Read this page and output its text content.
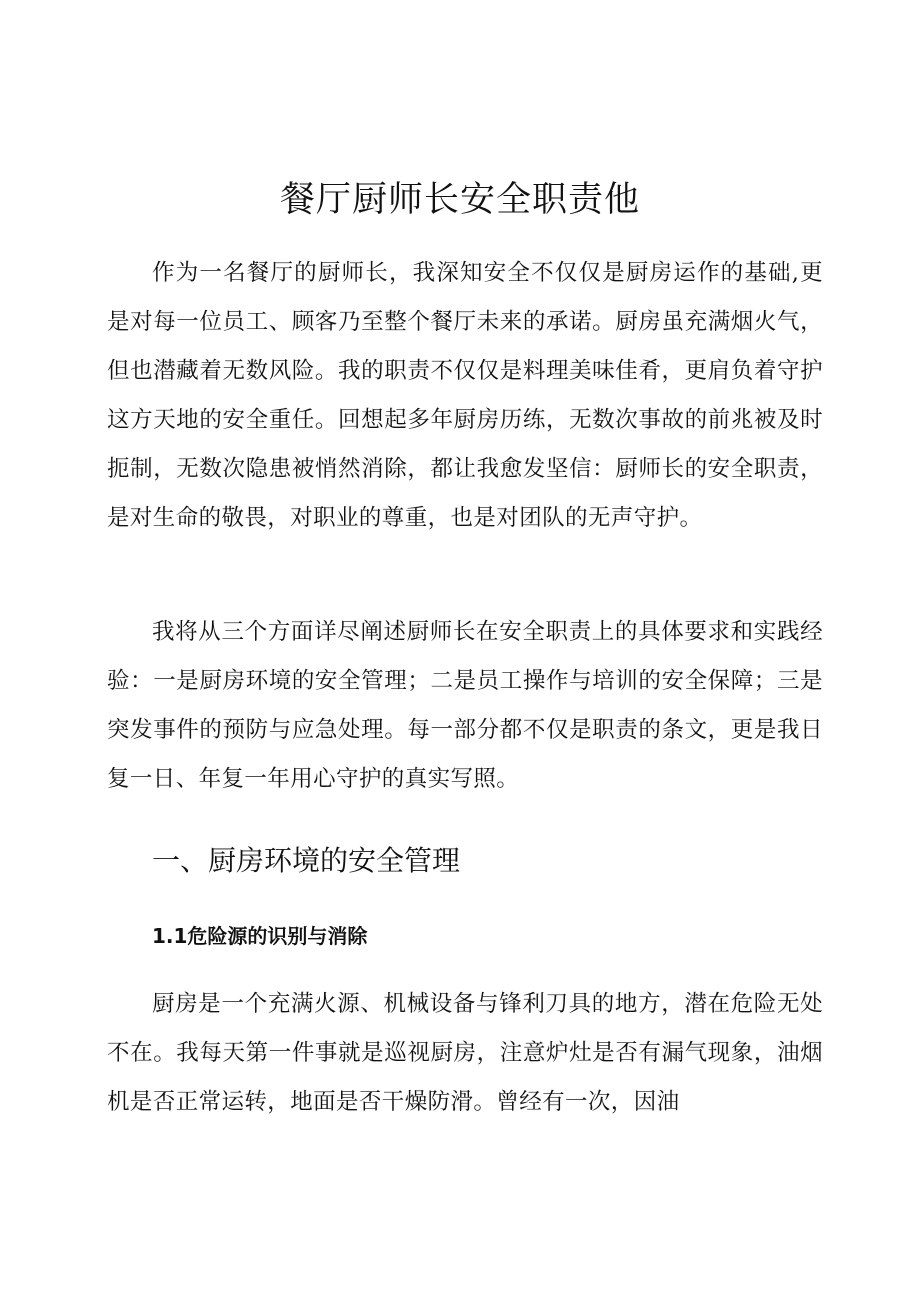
餐厅厨师长安全职责他

作为一名餐厅的厨师长，我深知安全不仅仅是厨房运作的基础,更是对每一位员工、顾客乃至整个餐厅未来的承诺。厨房虽充满烟火气，但也潜藏着无数风险。我的职责不仅仅是料理美味佳肴，更肩负着守护这方天地的安全重任。回想起多年厨房历练，无数次事故的前兆被及时扼制，无数次隐患被悄然消除，都让我愈发坚信：厨师长的安全职责，是对生命的敬畏，对职业的尊重，也是对团队的无声守护。

我将从三个方面详尽阐述厨师长在安全职责上的具体要求和实践经验：一是厨房环境的安全管理；二是员工操作与培训的安全保障；三是突发事件的预防与应急处理。每一部分都不仅是职责的条文，更是我日复一日、年复一年用心守护的真实写照。

一、厨房环境的安全管理
1.1危险源的识别与消除

厨房是一个充满火源、机械设备与锋利刀具的地方，潜在危险无处不在。我每天第一件事就是巡视厨房，注意炉灶是否有漏气现象，油烟机是否正常运转，地面是否干燥防滑。曾经有一次，因油
